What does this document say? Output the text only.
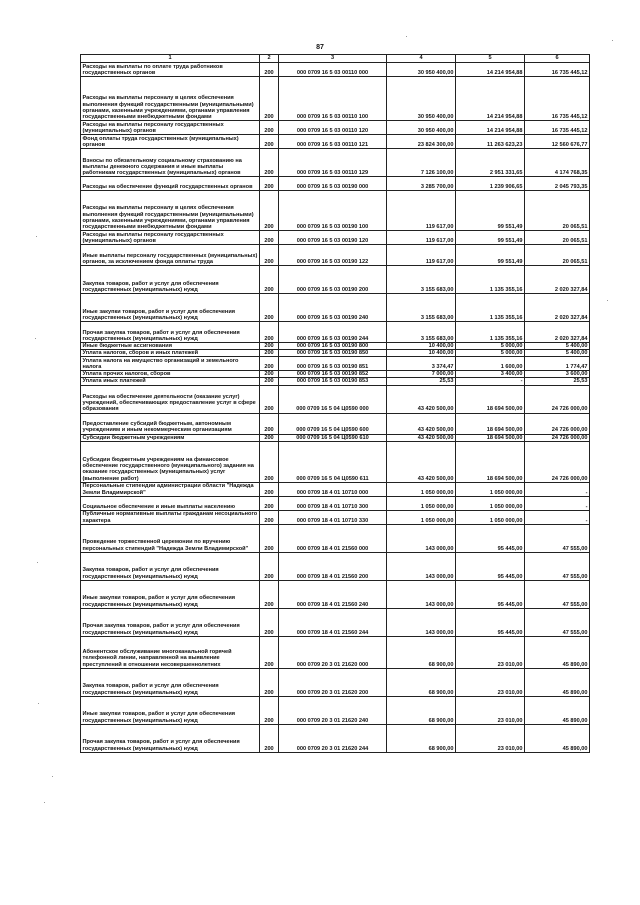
87
1	2	3	4	5	6
Расходы на выплаты по оплате труда работников государственных органов	200	000 0709 16 5 03 00110 000	30 950 400,00	14 214 954,88	16 735 445,12
Расходы на выплаты персоналу в целях обеспечения выполнения функций государственными (муниципальными) органами, казенными учреждениями, органами управления государственными внебюджетными фондами	200	000 0709 16 5 03 00110 100	30 950 400,00	14 214 954,88	16 735 445,12
Расходы на выплаты персоналу государственных (муниципальных) органов	200	000 0709 16 5 03 00110 120	30 950 400,00	14 214 954,88	16 735 445,12
Фонд оплаты труда государственных (муниципальных) органов	200	000 0709 16 5 03 00110 121	23 824 300,00	11 263 623,23	12 560 676,77
Взносы по обязательному социальному страхованию на выплаты денежного содержания и иные выплаты работникам государственных (муниципальных) органов	200	000 0709 16 5 03 00110 129	7 126 100,00	2 951 331,65	4 174 768,35
Расходы на обеспечение функций государственных органов	200	000 0709 16 5 03 00190 000	3 285 700,00	1 239 906,65	2 045 793,35
Расходы на выплаты персоналу в целях обеспечения выполнения функций государственными (муниципальными) органами, казенными учреждениями, органами управления государственными внебюджетными фондами	200	000 0709 16 5 03 00190 100	119 617,00	99 551,49	20 065,51
Расходы на выплаты персоналу государственных (муниципальных) органов	200	000 0709 16 5 03 00190 120	119 617,00	99 551,49	20 065,51
Иные выплаты персоналу государственных (муниципальных) органов, за исключением фонда оплаты труда	200	000 0709 16 5 03 00190 122	119 617,00	99 551,49	20 065,51
Закупка товаров, работ и услуг для обеспечения государственных (муниципальных) нужд	200	000 0709 16 5 03 00190 200	3 155 683,00	1 135 355,16	2 020 327,84
Иные закупки товаров, работ и услуг для обеспечения государственных (муниципальных) нужд	200	000 0709 16 5 03 00190 240	3 155 683,00	1 135 355,16	2 020 327,84
Прочая закупка товаров, работ и услуг для обеспечения государственных (муниципальных) нужд	200	000 0709 16 5 03 00190 244	3 155 683,00	1 135 355,16	2 020 327,84
Иные бюджетные ассигнования	200	000 0709 16 5 03 00190 800	10 400,00	5 000,00	5 400,00
Уплата налогов, сборов и иных платежей	200	000 0709 16 5 03 00190 850	10 400,00	5 000,00	5 400,00
Уплата налога на имущество организаций и земельного налога	200	000 0709 16 5 03 00190 851	3 374,47	1 600,00	1 774,47
Уплата прочих налогов, сборов	200	000 0709 16 5 03 00190 852	7 000,00	3 400,00	3 600,00
Уплата иных платежей	200	000 0709 16 5 03 00190 853	25,53	-	25,53
Расходы на обеспечение деятельности (оказание услуг) учреждений, обеспечивающих предоставление услуг в сфере образования	200	000 0709 16 5 04 Ц0590 000	43 420 500,00	18 694 500,00	24 726 000,00
Предоставление субсидий бюджетным, автономным учреждениям и иным некоммерческим организациям	200	000 0709 16 5 04 Ц0590 600	43 420 500,00	18 694 500,00	24 726 000,00
Субсидии бюджетным учреждениям	200	000 0709 16 5 04 Ц0590 610	43 420 500,00	18 694 500,00	24 726 000,00
Субсидии бюджетным учреждениям на финансовое обеспечение государственного (муниципального) задания на оказание государственных (муниципальных) услуг (выполнение работ)	200	000 0709 16 5 04 Ц0590 611	43 420 500,00	18 694 500,00	24 726 000,00
Персональные стипендии администрации области "Надежда Земли Владимирской"	200	000 0709 18 4 01 10710 000	1 050 000,00	1 050 000,00	-
Социальное обеспечение и иные выплаты населению	200	000 0709 18 4 01 10710 300	1 050 000,00	1 050 000,00	-
Публичные нормативные выплаты гражданам несоциального характера	200	000 0709 18 4 01 10710 330	1 050 000,00	1 050 000,00	-
Проведение торжественной церемонии по вручению персональных стипендий "Надежда Земли Владимирской"	200	000 0709 18 4 01 21560 000	143 000,00	95 445,00	47 555,00
Закупка товаров, работ и услуг для обеспечения государственных (муниципальных) нужд	200	000 0709 18 4 01 21560 200	143 000,00	95 445,00	47 555,00
Иные закупки товаров, работ и услуг для обеспечения государственных (муниципальных) нужд	200	000 0709 18 4 01 21560 240	143 000,00	95 445,00	47 555,00
Прочая закупка товаров, работ и услуг для обеспечения государственных (муниципальных) нужд	200	000 0709 18 4 01 21560 244	143 000,00	95 445,00	47 555,00
Абонентское обслуживание многоканальной горячей телефонной линии, направленной на выявление преступлений в отношении несовершеннолетних	200	000 0709 20 3 01 21620 000	68 900,00	23 010,00	45 890,00
Закупка товаров, работ и услуг для обеспечения государственных (муниципальных) нужд	200	000 0709 20 3 01 21620 200	68 900,00	23 010,00	45 890,00
Иные закупки товаров, работ и услуг для обеспечения государственных (муниципальных) нужд	200	000 0709 20 3 01 21620 240	68 900,00	23 010,00	45 890,00
Прочая закупка товаров, работ и услуг для обеспечения государственных (муниципальных) нужд	200	000 0709 20 3 01 21620 244	68 900,00	23 010,00	45 890,00
